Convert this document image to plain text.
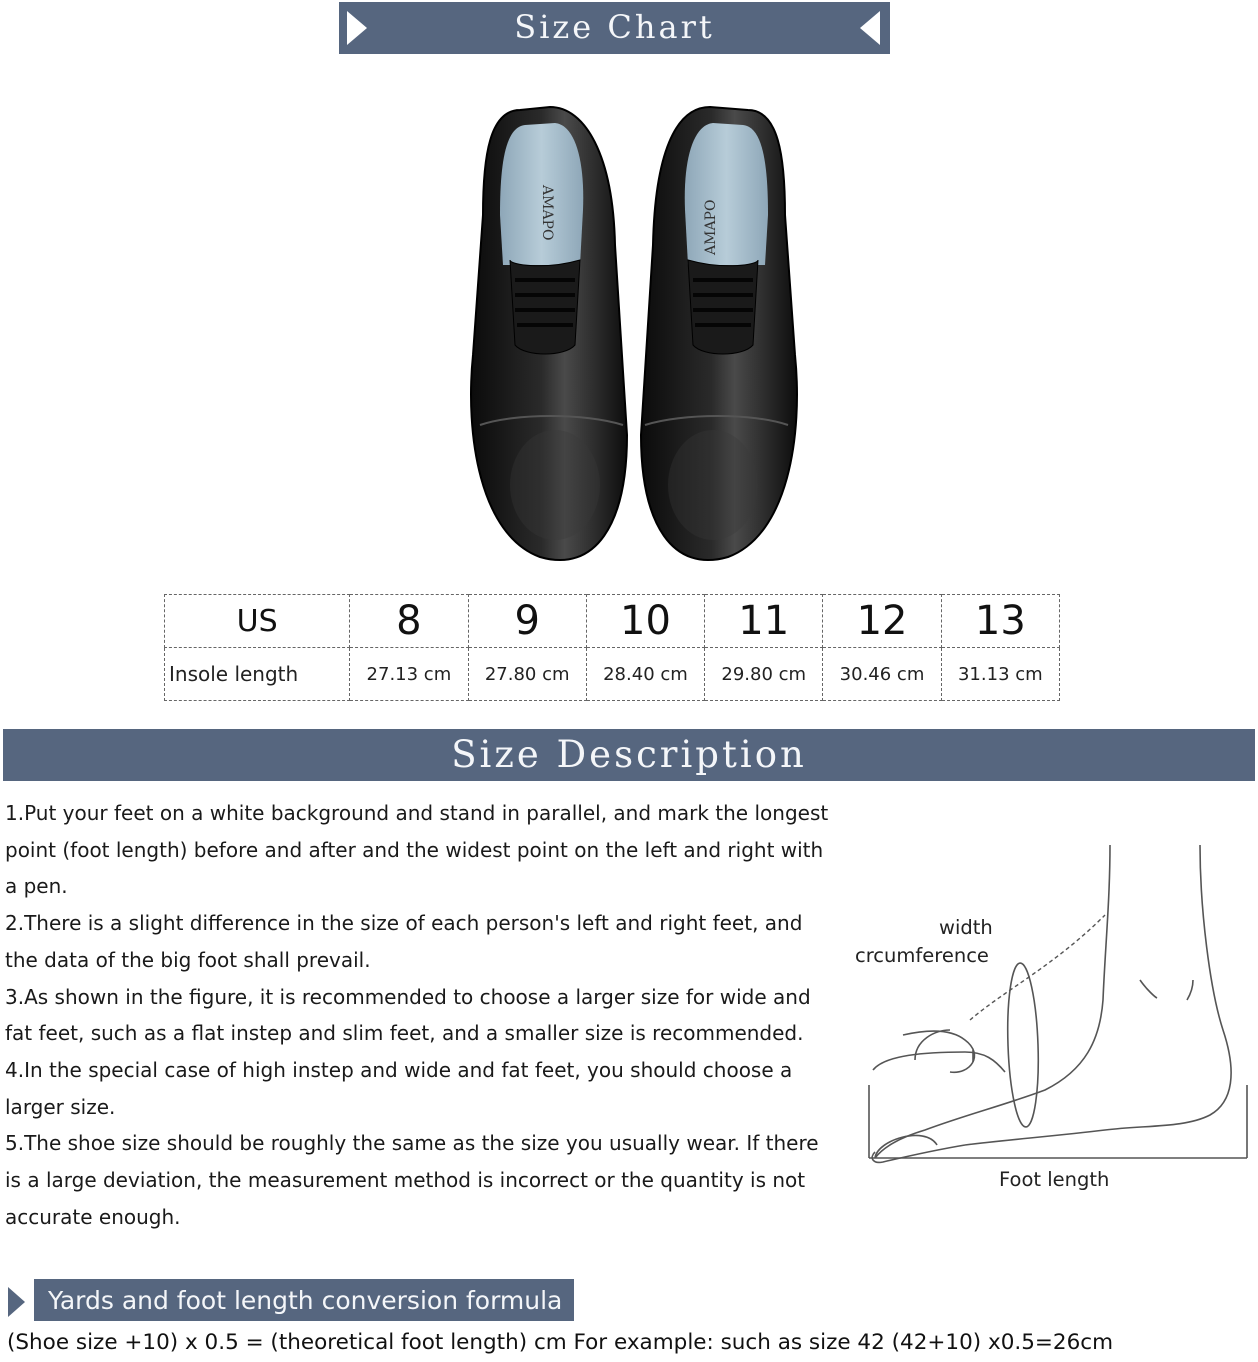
Size Chart
AMAPO	AMAPO
US	8	9	10	11	12	13
Insole length	27.13 cm	27.80 cm	28.40 cm	29.80 cm	30.46 cm	31.13 cm
Size Description

1.Put your feet on a white background and stand in parallel, and mark the longest point (foot length) before and after and the widest point on the left and right with a pen.

2.There is a slight difference in the size of each person's left and right feet, and the data of the big foot shall prevail.

3.As shown in the figure, it is recommended to choose a larger size for wide and fat feet, such as a flat instep and slim feet, and a smaller size is recommended.

4.In the special case of high instep and wide and fat feet, you should choose a larger size.

5.The shoe size should be roughly the same as the size you usually wear. If there is a large deviation, the measurement method is incorrect or the quantity is not accurate enough.

width
crcumference
Foot length
Yards and foot length conversion formula
(Shoe size +10) x 0.5 = (theoretical foot length) cm For example: such as size 42 (42+10) x0.5=26cm
